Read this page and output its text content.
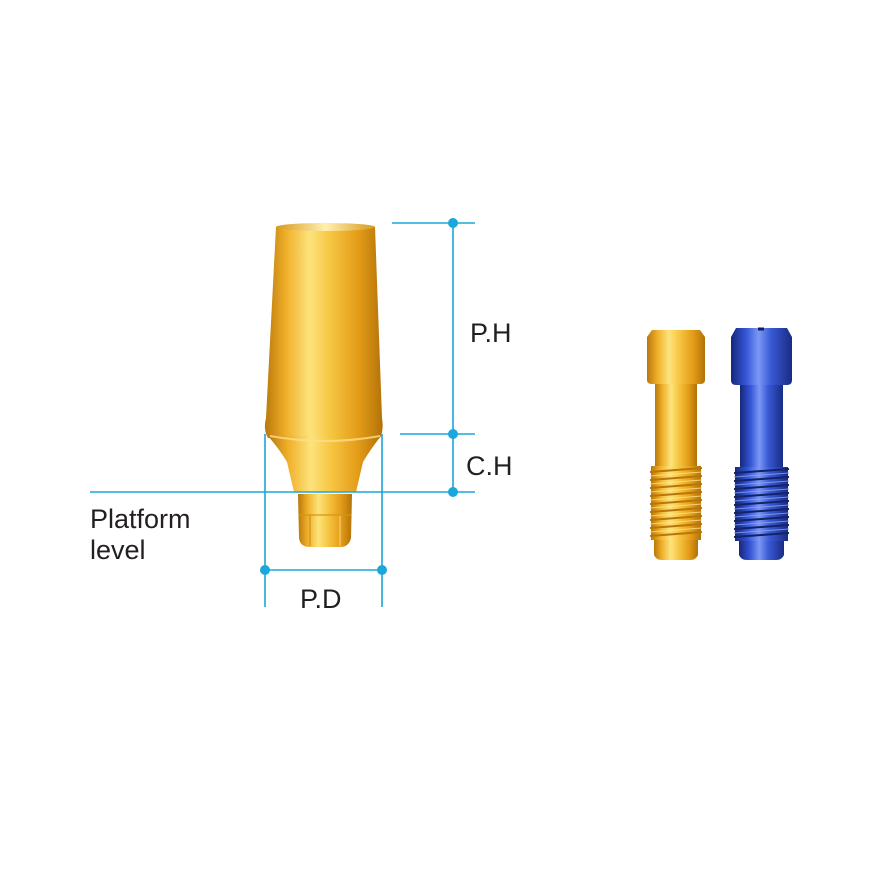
P.H
C.H
P.D
Platform
level
